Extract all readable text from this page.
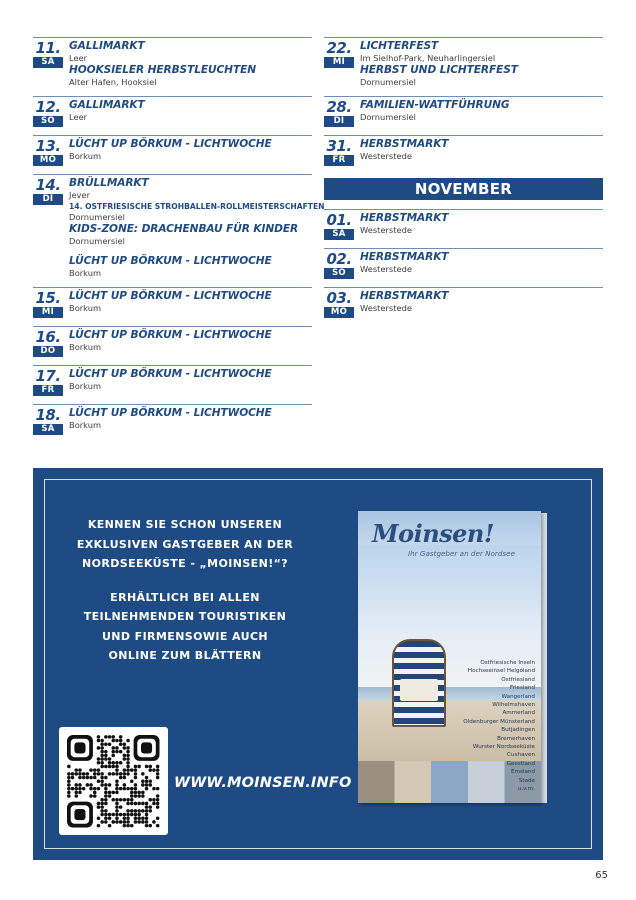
11.
SA
GALLIMARKT
Leer
HOOKSIELER HERBSTLEUCHTEN
Alter Hafen, Hooksiel
12.
SO
GALLIMARKT
Leer
13.
MO
LÜCHT UP BÖRKUM - LICHTWOCHE
Borkum
14.
DI
BRÜLLMARKT
Jever
14. OSTFRIESISCHE STROHBALLEN-ROLLMEISTERSCHAFTEN
Dornumersiel
KIDS-ZONE: DRACHENBAU FÜR KINDER
Dornumersiel
LÜCHT UP BÖRKUM - LICHTWOCHE
Borkum
15.
MI
LÜCHT UP BÖRKUM - LICHTWOCHE
Borkum
16.
DO
LÜCHT UP BÖRKUM - LICHTWOCHE
Borkum
17.
FR
LÜCHT UP BÖRKUM - LICHTWOCHE
Borkum
18.
SA
LÜCHT UP BÖRKUM - LICHTWOCHE
Borkum
22.
MI
LICHTERFEST
Im Sielhof-Park, Neuharlingersiel
HERBST UND LICHTERFEST
Dornumersiel
28.
DI
FAMILIEN-WATTFÜHRUNG
Dornumersiel
31.
FR
HERBSTMARKT
Westerstede
NOVEMBER
01.
SA
HERBSTMARKT
Westerstede
02.
SO
HERBSTMARKT
Westerstede
03.
MO
HERBSTMARKT
Westerstede

KENNEN SIE SCHON UNSEREN
EXKLUSIVEN GASTGEBER AN DER
NORDSEEKÜSTE - „MOINSEN!“?

ERHÄLTLICH BEI ALLEN
TEILNEHMENDEN TOURISTIKEN
UND FIRMENSOWIE AUCH
ONLINE ZUM BLÄTTERN

WWW.MOINSEN.INFO
Moinsen!
Ihr Gastgeber an der Nordsee
Ostfriesische Inseln
Hochseeinsel Helgoland
Ostfriesland
Friesland
Wangerland
Wilhelmshaven
Ammerland
Oldenburger Münsterland
Butjadingen
Bremerhaven
Wurster Nordseeküste
Cuxhaven
Geestland
Emsland
Stade
u.v.m.
65
